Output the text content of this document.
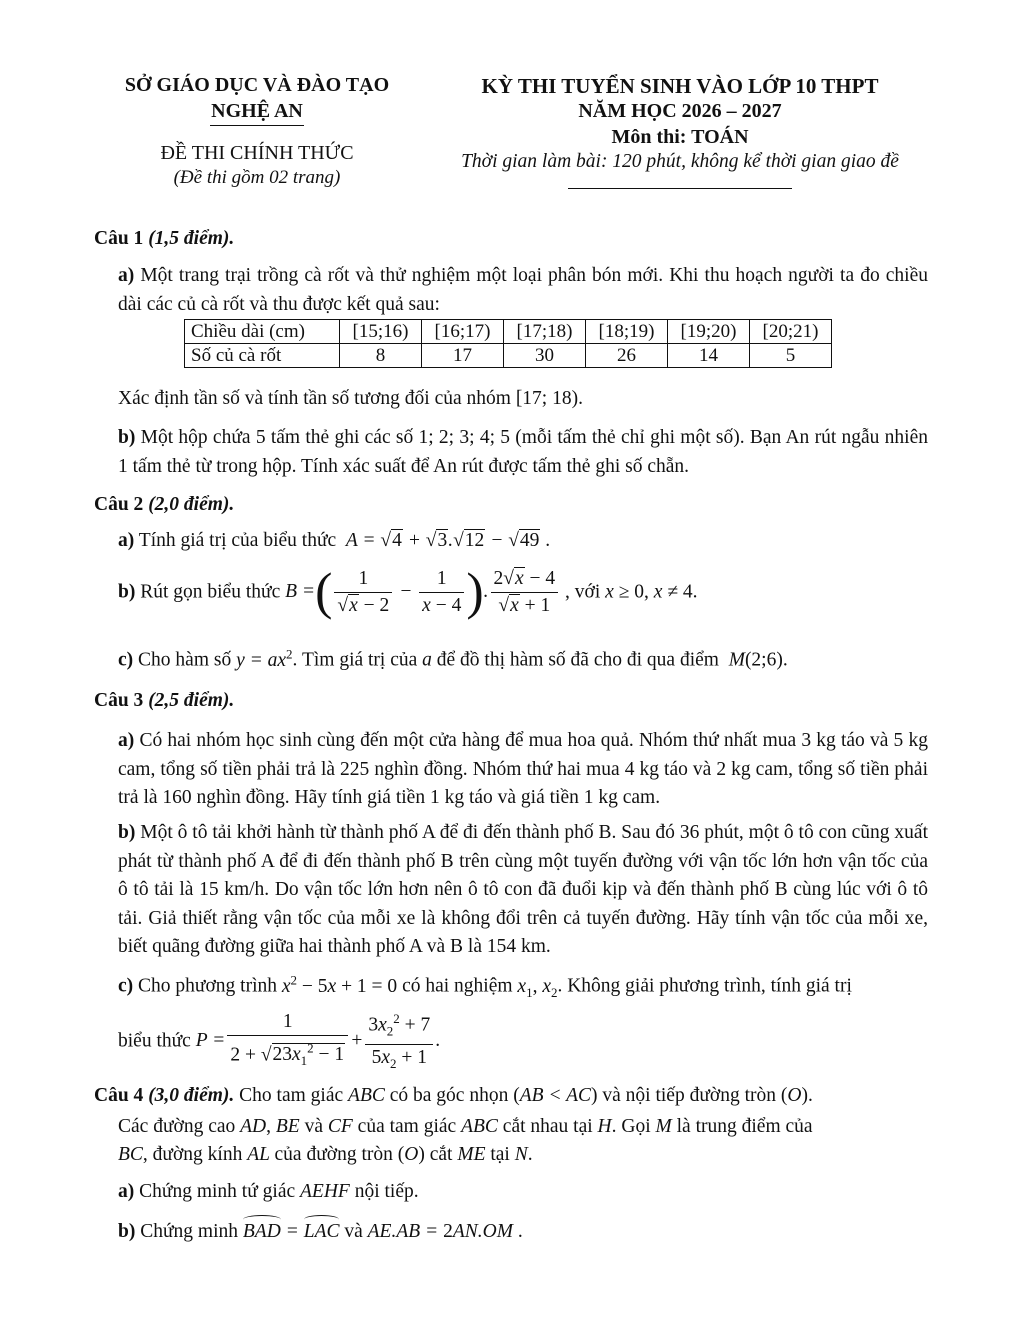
SỞ GIÁO DỤC VÀ ĐÀO TẠO
NGHỆ AN
ĐỀ THI CHÍNH THỨC
(Đề thi gồm 02 trang)
KỲ THI TUYỂN SINH VÀO LỚP 10 THPT
NĂM HỌC 2026 – 2027
Môn thi: TOÁN
Thời gian làm bài: 120 phút, không kể thời gian giao đề
Câu 1 (1,5 điểm).
a) Một trang trại trồng cà rốt và thử nghiệm một loại phân bón mới. Khi thu hoạch người ta đo chiều dài các củ cà rốt và thu được kết quả sau:
Chiều dài (cm)	[15;16)	[16;17)	[17;18)	[18;19)	[19;20)	[20;21)
Số củ cà rốt	8	17	30	26	14	5
Xác định tần số và tính tần số tương đối của nhóm [17; 18).
b) Một hộp chứa 5 tấm thẻ ghi các số 1; 2; 3; 4; 5 (mỗi tấm thẻ chỉ ghi một số). Bạn An rút ngẫu nhiên 1 tấm thẻ từ trong hộp. Tính xác suất để An rút được tấm thẻ ghi số chẵn.
Câu 2 (2,0 điểm).
a) Tính giá trị của biểu thức  A = √4 + √3.√12 − √49 .
b) Rút gọn biểu thức B =( $\frac{1}{√x - 2} - \frac{1}{x - 4}$ ). $\frac{2√x - 4}{√x + 1}$ , với x ≥ 0, x ≠ 4.
c) Cho hàm số $y = ax^2$. Tìm giá trị của a để đồ thị hàm số đã cho đi qua điểm  M(2;6).
Câu 3 (2,5 điểm).
a) Có hai nhóm học sinh cùng đến một cửa hàng để mua hoa quả. Nhóm thứ nhất mua 3 kg táo và 5 kg cam, tổng số tiền phải trả là 225 nghìn đồng. Nhóm thứ hai mua 4 kg táo và 2 kg cam, tổng số tiền phải trả là 160 nghìn đồng. Hãy tính giá tiền 1 kg táo và giá tiền 1 kg cam.
b) Một ô tô tải khởi hành từ thành phố A để đi đến thành phố B. Sau đó 36 phút, một ô tô con cũng xuất phát từ thành phố A để đi đến thành phố B trên cùng một tuyến đường với vận tốc lớn hơn vận tốc của ô tô tải là 15 km/h. Do vận tốc lớn hơn nên ô tô con đã đuổi kịp và đến thành phố B cùng lúc với ô tô tải. Giả thiết rằng vận tốc của mỗi xe là không đổi trên cả tuyến đường. Hãy tính vận tốc của mỗi xe, biết quãng đường giữa hai thành phố A và B là 154 km.
c) Cho phương trình $x^2 - 5x + 1 = 0$ có hai nghiệm $x_1$, $x_2$. Không giải phương trình, tính giá trị
biểu thức $P = \frac{1}{2 + √23x_1^2 - 1} + \frac{3x_2^2 + 7}{5x_2 + 1}$ .
Câu 4 (3,0 điểm). Cho tam giác ABC có ba góc nhọn (AB < AC) và nội tiếp đường tròn (O).
Các đường cao AD, BE và CF của tam giác ABC cắt nhau tại H. Gọi M là trung điểm của
BC, đường kính AL của đường tròn (O) cắt ME tại N.
a) Chứng minh tứ giác AEHF nội tiếp.
b) Chứng minh BAD = LAC và AE.AB = 2AN.OM .
